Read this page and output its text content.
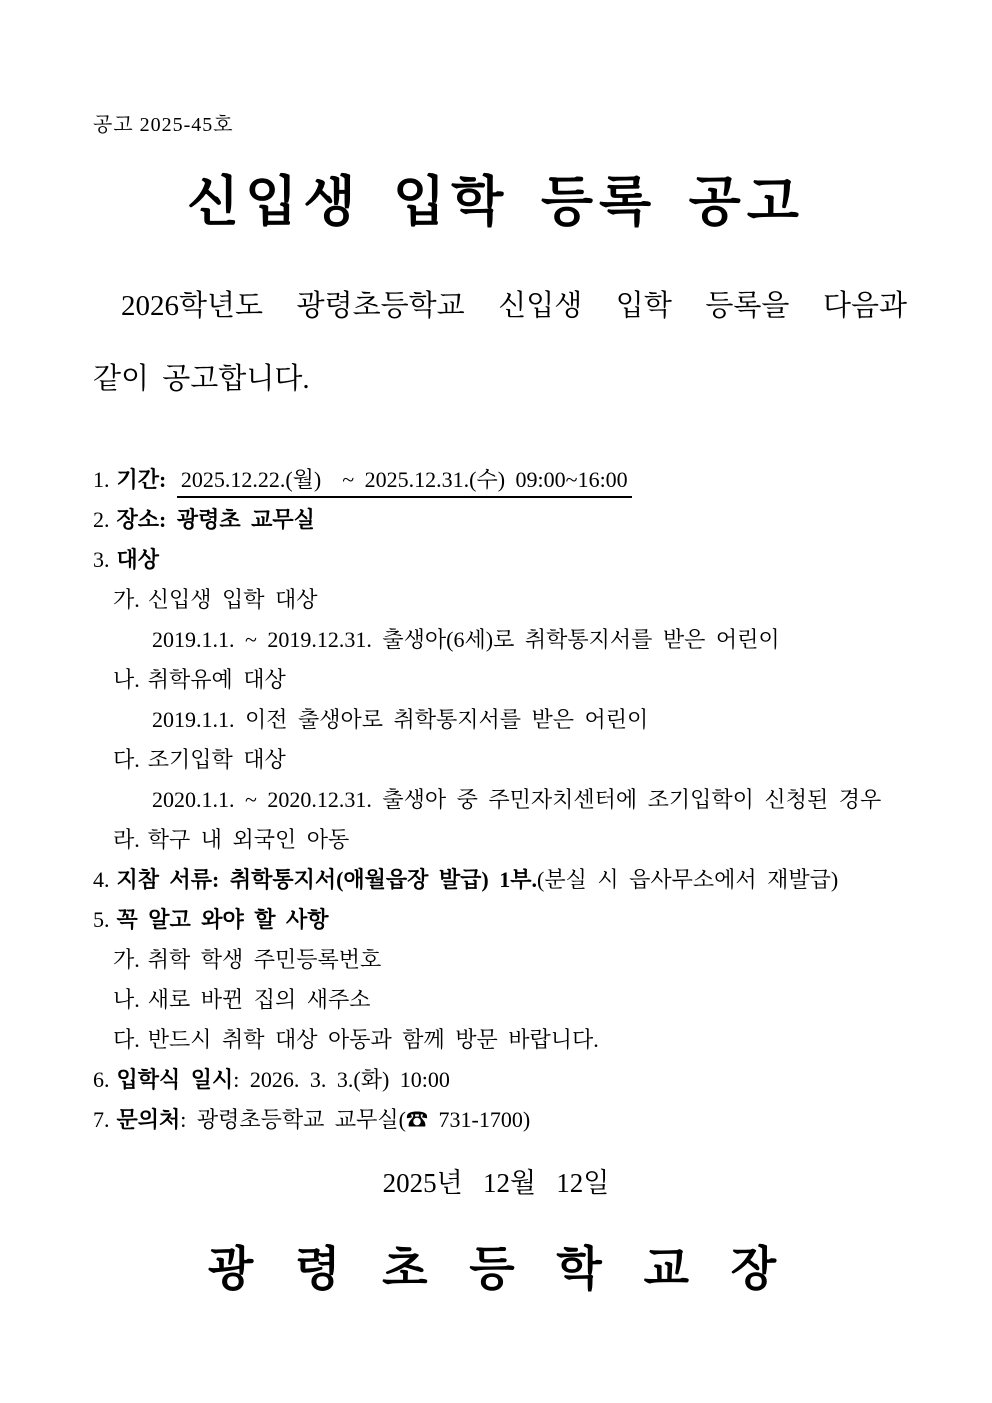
공고 2025-45호
신입생 입학 등록 공고
2026학년도 광령초등학교 신입생 입학 등록을 다음과
같이 공고합니다.
1. 기간: 2025.12.22.(월)  ~ 2025.12.31.(수) 09:00~16:00
2. 장소: 광령초 교무실
3. 대상
가. 신입생 입학 대상
2019.1.1. ~ 2019.12.31. 출생아(6세)로 취학통지서를 받은 어린이
나. 취학유예 대상
2019.1.1. 이전 출생아로 취학통지서를 받은 어린이
다. 조기입학 대상
2020.1.1. ~ 2020.12.31. 출생아 중 주민자치센터에 조기입학이 신청된 경우
라. 학구 내 외국인 아동
4. 지참 서류: 취학통지서(애월읍장 발급) 1부.(분실 시 읍사무소에서 재발급)
5. 꼭 알고 와야 할 사항
가. 취학 학생 주민등록번호
나. 새로 바뀐 집의 새주소
다. 반드시 취학 대상 아동과 함께 방문 바랍니다.
6. 입학식 일시: 2026. 3. 3.(화) 10:00
7. 문의처: 광령초등학교 교무실(☎ 731-1700)
2025년   12월   12일
광 령 초 등 학 교 장
